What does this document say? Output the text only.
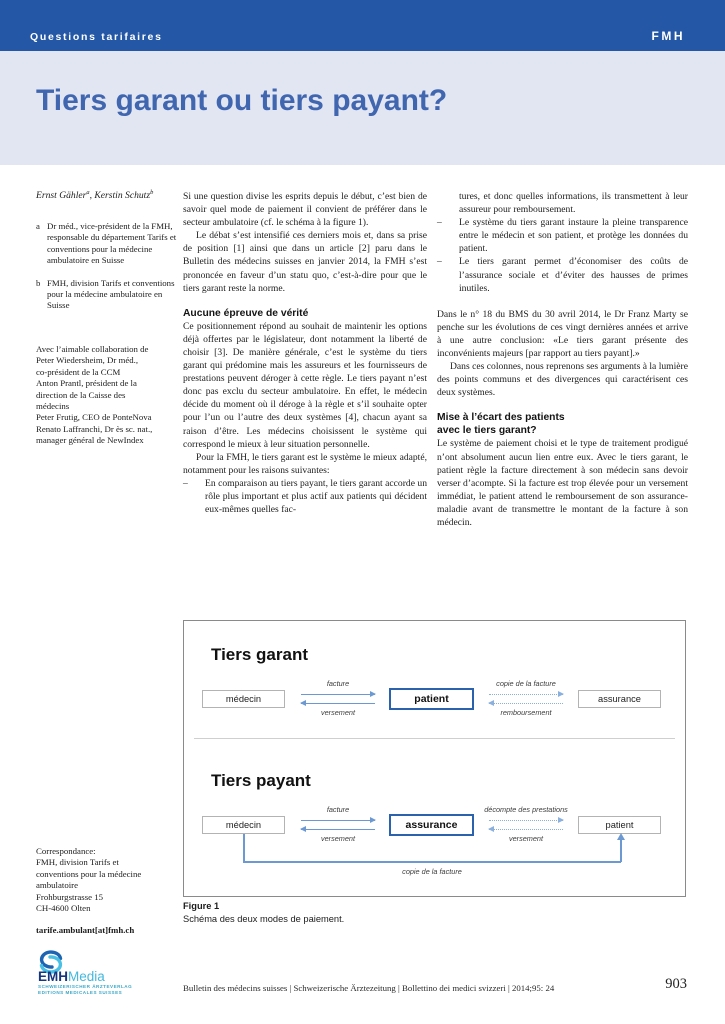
Questions tarifaires	FMH
Tiers garant ou tiers payant?
Ernst Gähler$^a$, Kerstin Schutz$^b$
a Dr méd., vice-président de la FMH, responsable du département Tarifs et conventions pour la médecine ambulatoire en Suisse
b FMH, division Tarifs et conventions pour la médecine ambulatoire en Suisse
Avec l’aimable collaboration de
Peter Wiedersheim, Dr méd.,
co-président de la CCM
Anton Prantl, président de la
direction de la Caisse des
médecins
Peter Frutig, CEO de PonteNova
Renato Laffranchi, Dr ès sc. nat.,
manager général de NewIndex
Correspondance:
FMH, division Tarifs et
conventions pour la médecine
ambulatoire
Frohburgstrasse 15
CH-4600 Olten
tarife.ambulant[at]fmh.ch
EMHMedia
SCHWEIZERISCHER ÄRZTEVERLAG
EDITIONS MEDICALES SUISSES

Si une question divise les esprits depuis le début, c’est bien de savoir quel mode de paiement il convient de préférer dans le secteur ambulatoire (cf. le schéma à la figure 1).

Le débat s’est intensifié ces derniers mois et, dans sa prise de position [1] ainsi que dans un article [2] paru dans le Bulletin des médecins suisses en janvier 2014, la FMH s’est prononcée en faveur d’un statu quo, c’est-à-dire pour que le tiers garant reste la norme.

Aucune épreuve de vérité

Ce positionnement répond au souhait de maintenir les options déjà offertes par le législateur, dont notamment la liberté de choisir [3]. De manière générale, c’est le système du tiers garant qui prédomine mais les assureurs et les fournisseurs de prestations peuvent déroger à cette règle. Le tiers payant n’est donc pas exclu du secteur ambulatoire. En effet, le médecin décide du moment où il déroge à la règle et s’il souhaite opter pour l’un ou l’autre des deux systèmes [4], chacun ayant sa raison d’être. Les médecins choisissent le système qui correspond le mieux à leur situation personnelle.

Pour la FMH, le tiers garant est le système le mieux adapté, notamment pour les raisons suivantes:

– En comparaison au tiers payant, le tiers garant accorde un rôle plus important et plus actif aux patients qui décident eux-mêmes quelles fac-
tures, et donc quelles informations, ils transmettent à leur assureur pour remboursement.
– Le système du tiers garant instaure la pleine transparence entre le médecin et son patient, et protège les données du patient.
– Le tiers garant permet d’économiser des coûts de l’assurance sociale et d’éviter des hausses de primes inutiles.

Dans le n° 18 du BMS du 30 avril 2014, le Dr Franz Marty se penche sur les évolutions de ces vingt dernières années et arrive à une autre conclusion: «Le tiers garant présente des inconvénients majeurs [par rapport au tiers payant].»

Dans ces colonnes, nous reprenons ses arguments à la lumière des points communs et des divergences qui caractérisent ces deux systèmes.

Mise à l’écart des patients
avec le tiers garant?

Le système de paiement choisi et le type de traitement prodigué n’ont absolument aucun lien entre eux. Avec le tiers garant, le patient règle la facture directement à son médecin sans devoir verser d’acompte. Si la facture est trop élevée pour un versement immédiat, le patient attend le remboursement de son assurance-maladie avant de transmettre le montant de la facture à son médecin.

Tiers garant
médecin	patient	assurance
facture
versement
copie de la facture
remboursement
Tiers payant
médecin	assurance	patient
facture
versement
décompte des prestations
versement
copie de la facture
Figure 1
Schéma des deux modes de paiement.
Bulletin des médecins suisses | Schweizerische Ärztezeitung | Bollettino dei medici svizzeri | 2014;95: 24	903
